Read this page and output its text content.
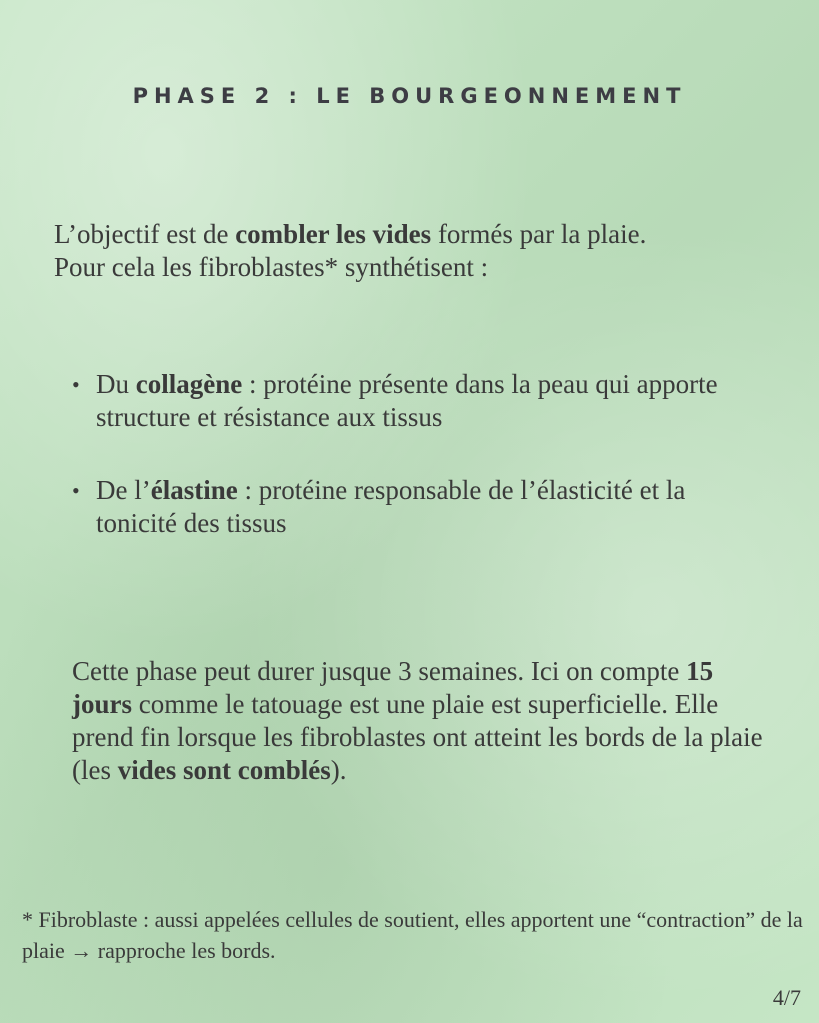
PHASE 2 : LE BOURGEONNEMENT
L’objectif est de combler les vides formés par la plaie.
Pour cela les fibroblastes* synthétisent :
• Du collagène : protéine présente dans la peau qui apporte structure et résistance aux tissus
• De l’élastine : protéine responsable de l’élasticité et la tonicité des tissus
Cette phase peut durer jusque 3 semaines. Ici on compte 15 jours comme le tatouage est une plaie est superficielle. Elle prend fin lorsque les fibroblastes ont atteint les bords de la plaie (les vides sont comblés).
* Fibroblaste : aussi appelées cellules de soutient, elles apportent une “contraction” de la plaie → rapproche les bords.
4/7
